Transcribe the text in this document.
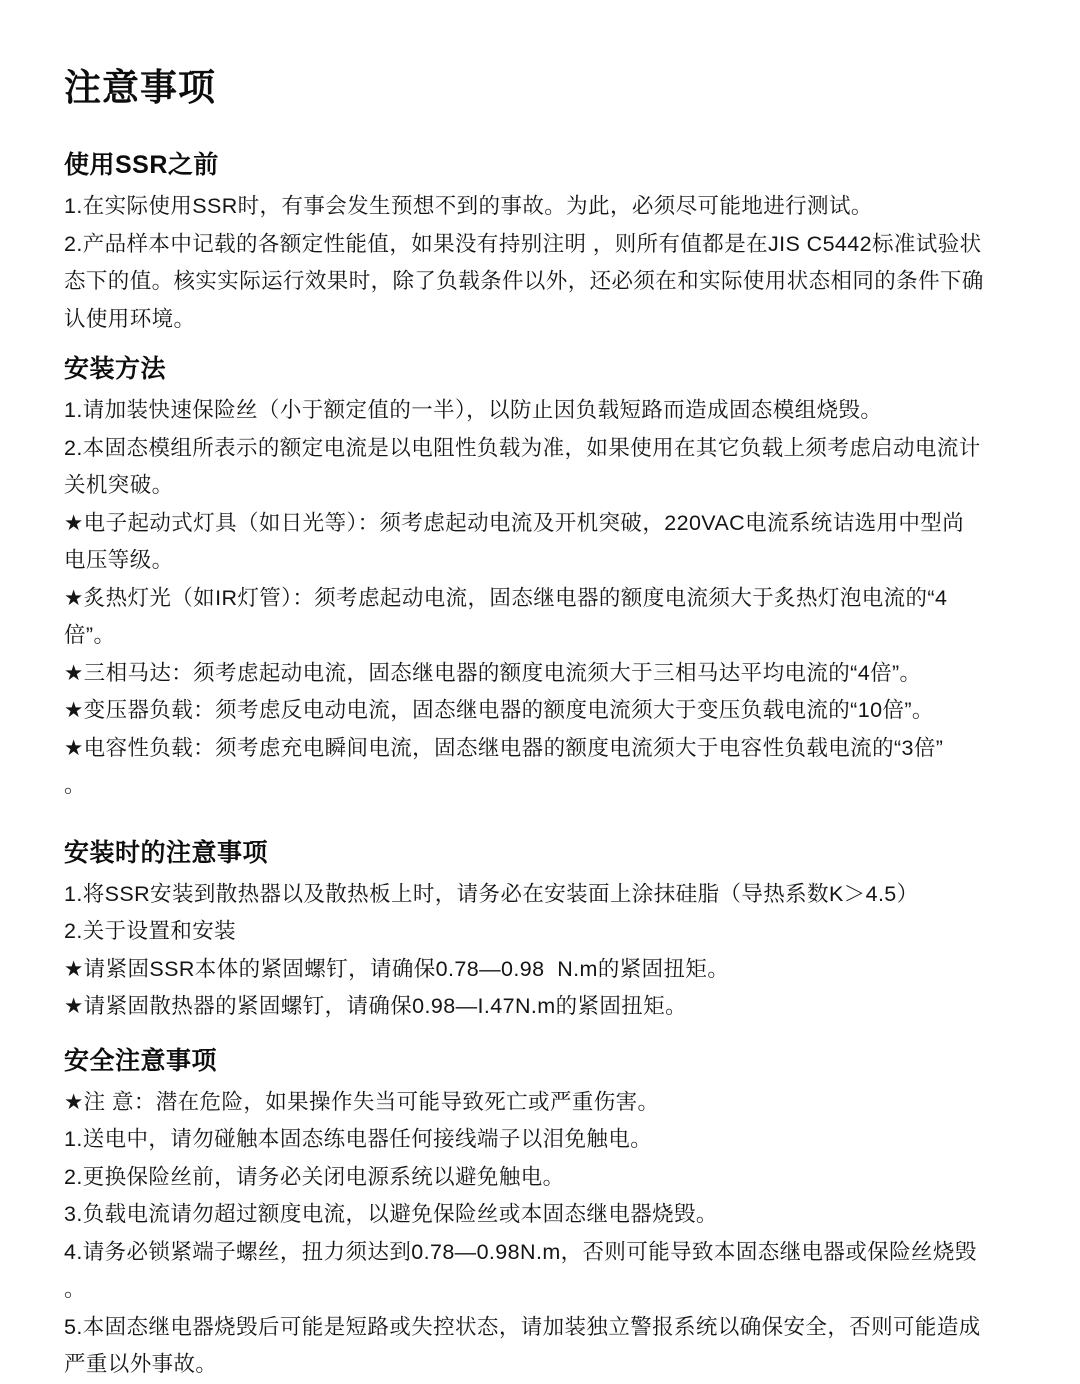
注意事项
使用SSR之前

1.在实际使用SSR时，有事会发生预想不到的事故。为此，必须尽可能地进行测试。

2.产品样本中记载的各额定性能值，如果没有持别注明 ，则所有值都是在JIS C5442标准试验状

态下的值。核实实际运行效果时，除了负载条件以外，还必须在和实际使用状态相同的条件下确

认使用环境。

安装方法

1.请加装快速保险丝（小于额定值的一半），以防止因负载短路而造成固态模组烧毁。

2.本固态模组所表示的额定电流是以电阻性负载为准，如果使用在其它负载上须考虑启动电流计

关机突破。

★电子起动式灯具（如日光等）：须考虑起动电流及开机突破，220VAC电流系统诘选用中型尚

电压等级。

★炙热灯光（如IR灯管）：须考虑起动电流，固态继电器的额度电流须大于炙热灯泡电流的“4

倍”。

★三相马达：须考虑起动电流，固态继电器的额度电流须大于三相马达平均电流的“4倍”。

★变压器负载：须考虑反电动电流，固态继电器的额度电流须大于变压负载电流的“10倍”。

★电容性负载：须考虑充电瞬间电流，固态继电器的额度电流须大于电容性负载电流的“3倍”

。

安装时的注意事项

1.将SSR安装到散热器以及散热板上时，请务必在安装面上涂抹硅脂（导热系数K＞4.5）

2.关于设置和安装

★请紧固SSR本体的紧固螺钉，请确保0.78—0.98  N.m的紧固扭矩。

★请紧固散热器的紧固螺钉，请确保0.98—I.47N.m的紧固扭矩。

安全注意事项

★注 意：潜在危险，如果操作失当可能导致死亡或严重伤害。

1.送电中，请勿碰触本固态练电器任何接线端子以泪免触电。

2.更换保险丝前，请务必关闭电源系统以避免触电。

3.负载电流请勿超过额度电流，以避免保险丝或本固态继电器烧毁。

4.请务必锁紧端子螺丝，扭力须达到0.78—0.98N.m，否则可能导致本固态继电器或保险丝烧毁

。

5.本固态继电器烧毁后可能是短路或失控状态，请加装独立警报系统以确保安全，否则可能造成

严重以外事故。
